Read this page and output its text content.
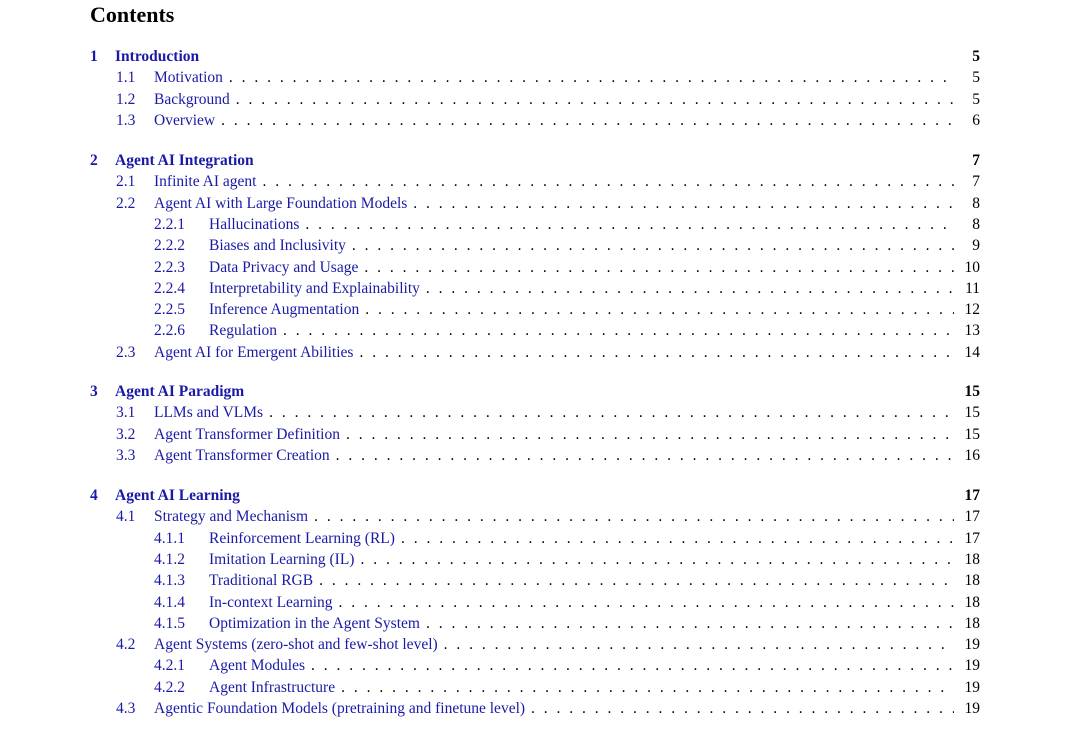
Contents
1	Introduction	5
1.1	Motivation . . .	5
1.2	Background . . .	5
1.3	Overview . . .	6
2	Agent AI Integration	7
2.1	Infinite AI agent . . .	7
2.2	Agent AI with Large Foundation Models . . .	8
2.2.1	Hallucinations . . .	8
2.2.2	Biases and Inclusivity . . .	9
2.2.3	Data Privacy and Usage . . .	10
2.2.4	Interpretability and Explainability . . .	11
2.2.5	Inference Augmentation . . .	12
2.2.6	Regulation . . .	13
2.3	Agent AI for Emergent Abilities . . .	14
3	Agent AI Paradigm	15
3.1	LLMs and VLMs . . .	15
3.2	Agent Transformer Definition . . .	15
3.3	Agent Transformer Creation . . .	16
4	Agent AI Learning	17
4.1	Strategy and Mechanism . . .	17
4.1.1	Reinforcement Learning (RL) . . .	17
4.1.2	Imitation Learning (IL) . . .	18
4.1.3	Traditional RGB . . .	18
4.1.4	In-context Learning . . .	18
4.1.5	Optimization in the Agent System . . .	18
4.2	Agent Systems (zero-shot and few-shot level) . . .	19
4.2.1	Agent Modules . . .	19
4.2.2	Agent Infrastructure . . .	19
4.3	Agentic Foundation Models (pretraining and finetune level) . . .	19
